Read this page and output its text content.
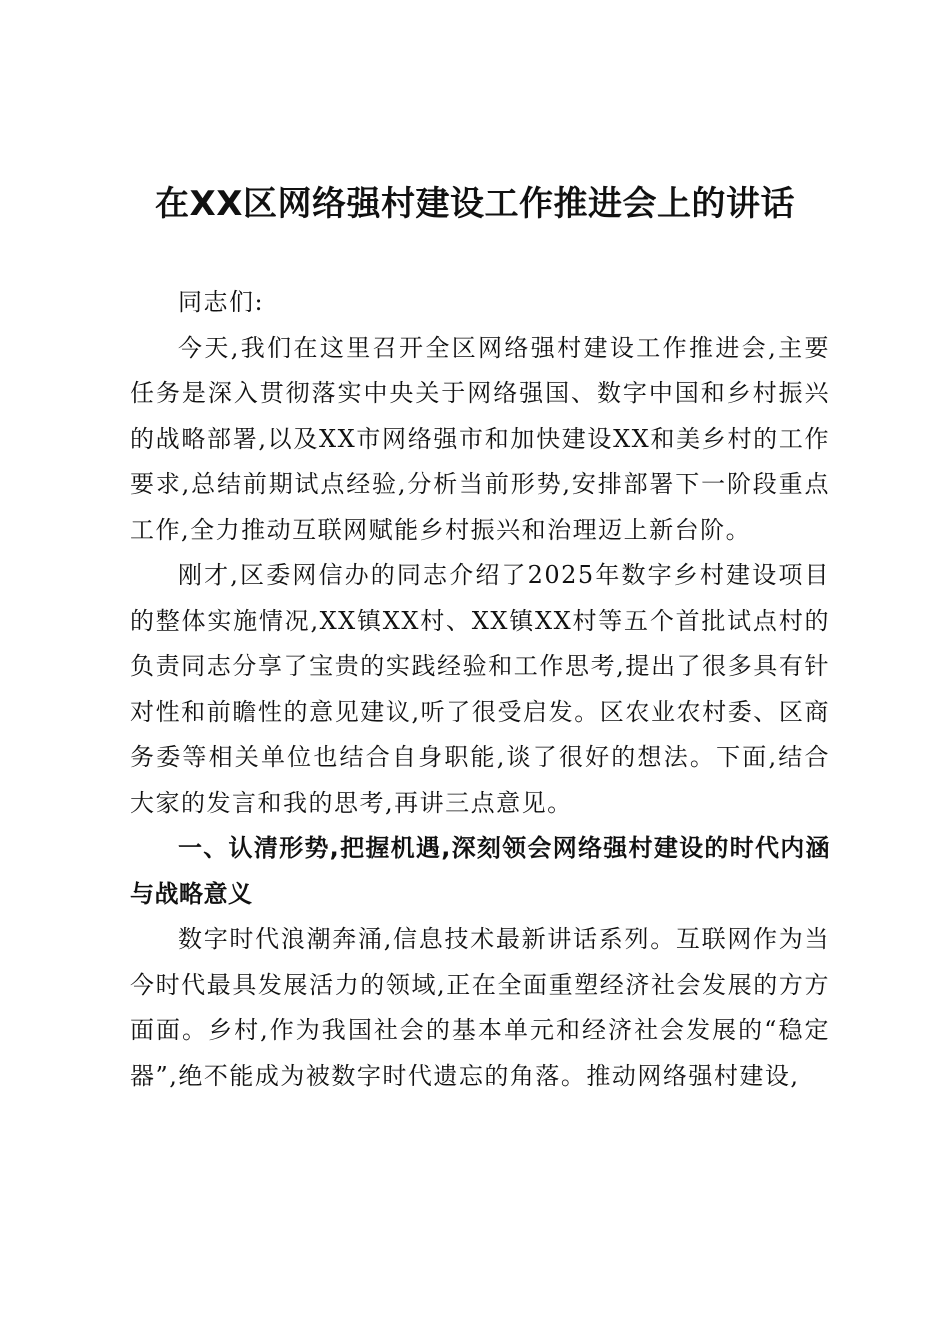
在XX区网络强村建设工作推进会上的讲话

同志们:

今天,我们在这里召开全区网络强村建设工作推进会,主要任务是深入贯彻落实中央关于网络强国、数字中国和乡村振兴的战略部署,以及XX市网络强市和加快建设XX和美乡村的工作要求,总结前期试点经验,分析当前形势,安排部署下一阶段重点工作,全力推动互联网赋能乡村振兴和治理迈上新台阶。

刚才,区委网信办的同志介绍了2025年数字乡村建设项目的整体实施情况,XX镇XX村、XX镇XX村等五个首批试点村的负责同志分享了宝贵的实践经验和工作思考,提出了很多具有针对性和前瞻性的意见建议,听了很受启发。区农业农村委、区商务委等相关单位也结合自身职能,谈了很好的想法。下面,结合大家的发言和我的思考,再讲三点意见。

一、认清形势,把握机遇,深刻领会网络强村建设的时代内涵与战略意义

数字时代浪潮奔涌,信息技术最新讲话系列。互联网作为当今时代最具发展活力的领域,正在全面重塑经济社会发展的方方面面。乡村,作为我国社会的基本单元和经济社会发展的“稳定器”,绝不能成为被数字时代遗忘的角落。推动网络强村建设,
